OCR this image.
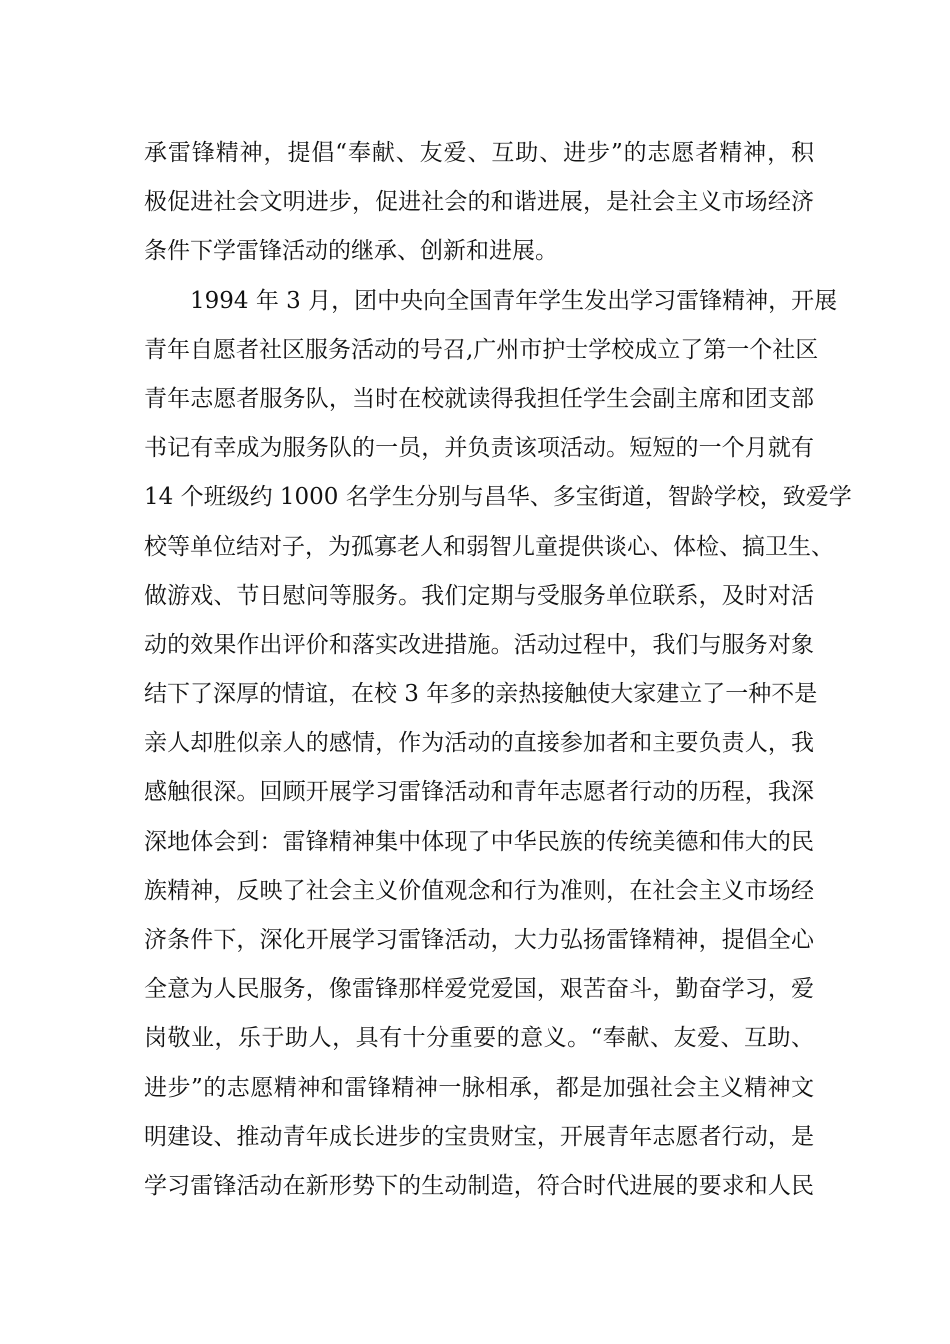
承雷锋精神，提倡“奉献、友爱、互助、进步”的志愿者精神，积
极促进社会文明进步，促进社会的和谐进展，是社会主义市场经济
条件下学雷锋活动的继承、创新和进展。
1994 年 3 月，团中央向全国青年学生发出学习雷锋精神，开展
青年自愿者社区服务活动的号召,广州市护士学校成立了第一个社区
青年志愿者服务队，当时在校就读得我担任学生会副主席和团支部
书记有幸成为服务队的一员，并负责该项活动。短短的一个月就有
14 个班级约 1000 名学生分别与昌华、多宝街道，智龄学校，致爱学
校等单位结对子，为孤寡老人和弱智儿童提供谈心、体检、搞卫生、
做游戏、节日慰问等服务。我们定期与受服务单位联系，及时对活
动的效果作出评价和落实改进措施。活动过程中，我们与服务对象
结下了深厚的情谊，在校 3 年多的亲热接触使大家建立了一种不是
亲人却胜似亲人的感情，作为活动的直接参加者和主要负责人，我
感触很深。回顾开展学习雷锋活动和青年志愿者行动的历程，我深
深地体会到：雷锋精神集中体现了中华民族的传统美德和伟大的民
族精神，反映了社会主义价值观念和行为准则，在社会主义市场经
济条件下，深化开展学习雷锋活动，大力弘扬雷锋精神，提倡全心
全意为人民服务，像雷锋那样爱党爱国，艰苦奋斗，勤奋学习，爱
岗敬业，乐于助人，具有十分重要的意义。“奉献、友爱、互助、
进步”的志愿精神和雷锋精神一脉相承，都是加强社会主义精神文
明建设、推动青年成长进步的宝贵财宝，开展青年志愿者行动，是
学习雷锋活动在新形势下的生动制造，符合时代进展的要求和人民
